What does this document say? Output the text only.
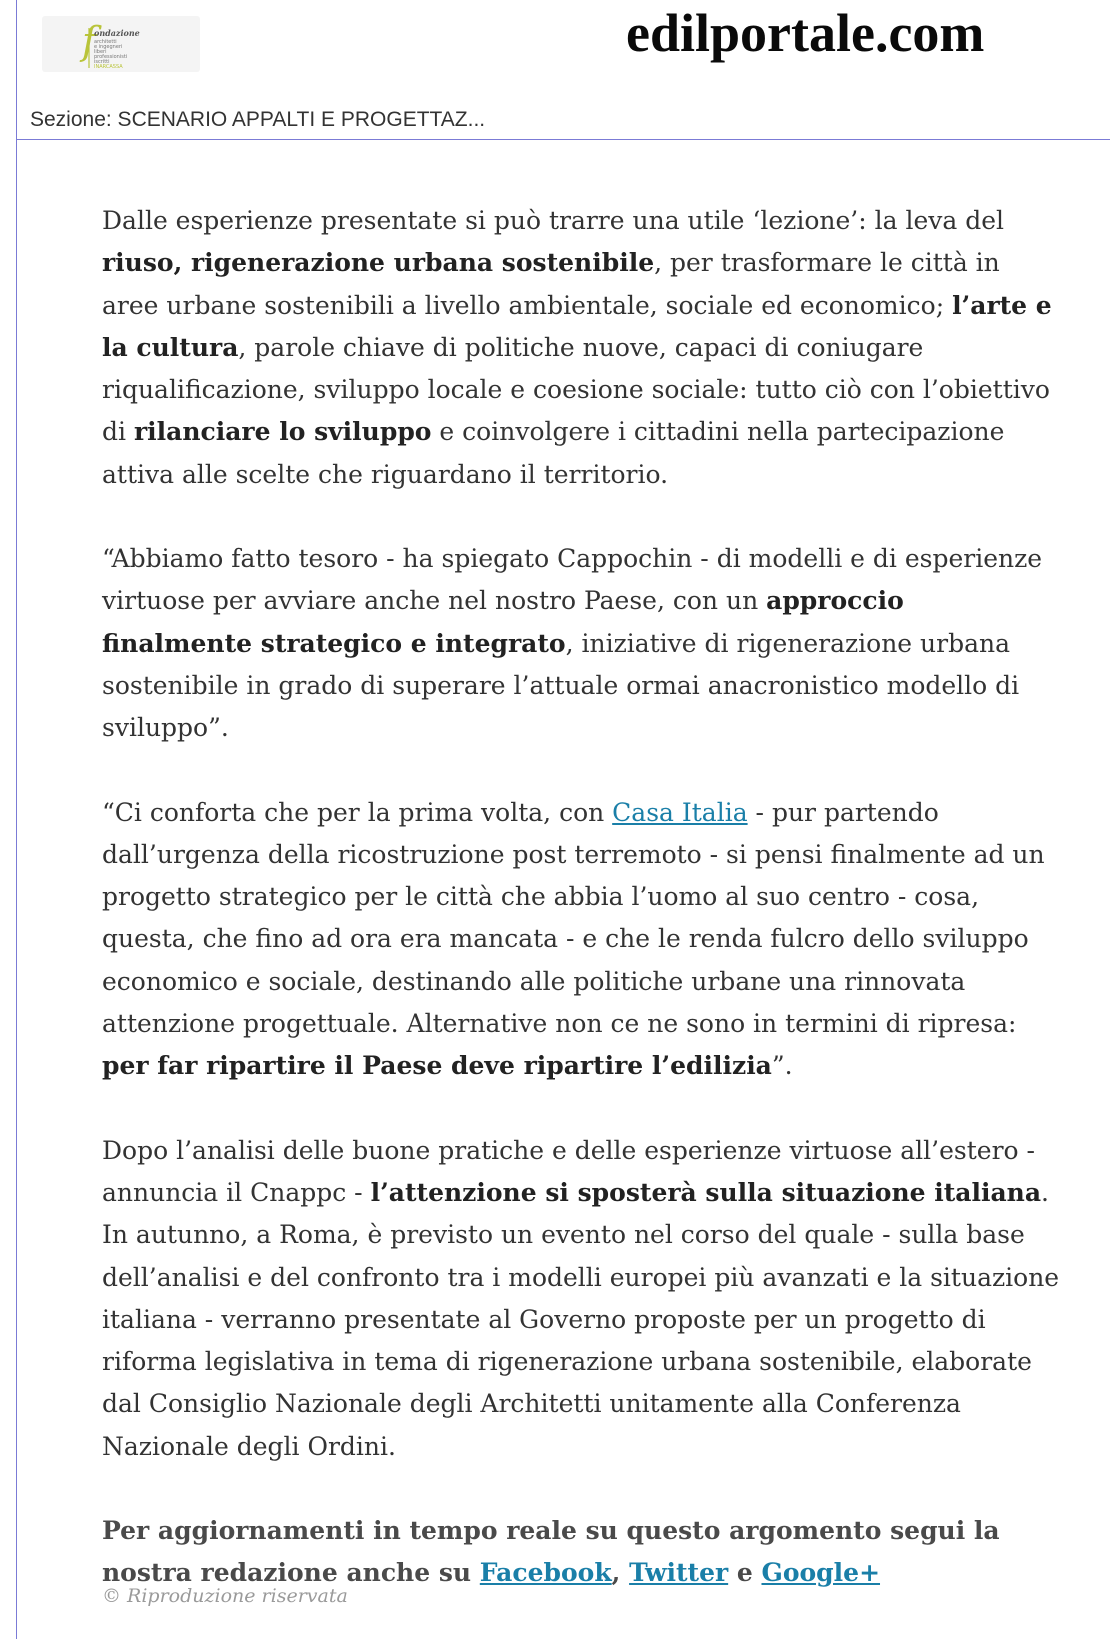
f
ondazione
architetti
e ingegneri
liberi
professionisti
iscritti
INARCASSA
edilportale.com
Sezione: SCENARIO APPALTI E PROGETTAZ...

Dalle esperienze presentate si può trarre una utile ‘lezione’: la leva del riuso, rigenerazione urbana sostenibile, per trasformare le città in aree urbane sostenibili a livello ambientale, sociale ed economico; l’arte e la cultura, parole chiave di politiche nuove, capaci di coniugare riqualificazione, sviluppo locale e coesione sociale: tutto ciò con l’obiettivo di rilanciare lo sviluppo e coinvolgere i cittadini nella partecipazione attiva alle scelte che riguardano il territorio.

“Abbiamo fatto tesoro - ha spiegato Cappochin - di modelli e di esperienze virtuose per avviare anche nel nostro Paese, con un approccio finalmente strategico e integrato, iniziative di rigenerazione urbana sostenibile in grado di superare l’attuale ormai anacronistico modello di sviluppo”.

“Ci conforta che per la prima volta, con Casa Italia - pur partendo dall’urgenza della ricostruzione post terremoto - si pensi finalmente ad un progetto strategico per le città che abbia l’uomo al suo centro - cosa, questa, che fino ad ora era mancata - e che le renda fulcro dello sviluppo economico e sociale, destinando alle politiche urbane una rinnovata attenzione progettuale. Alternative non ce ne sono in termini di ripresa: per far ripartire il Paese deve ripartire l’edilizia”.

Dopo l’analisi delle buone pratiche e delle esperienze virtuose all’estero - annuncia il Cnappc - l’attenzione si sposterà sulla situazione italiana. In autunno, a Roma, è previsto un evento nel corso del quale - sulla base dell’analisi e del confronto tra i modelli europei più avanzati e la situazione italiana - verranno presentate al Governo proposte per un progetto di riforma legislativa in tema di rigenerazione urbana sostenibile, elaborate dal Consiglio Nazionale degli Architetti unitamente alla Conferenza Nazionale degli Ordini.

Per aggiornamenti in tempo reale su questo argomento segui la nostra redazione anche su Facebook, Twitter e Google+

© Riproduzione riservata
